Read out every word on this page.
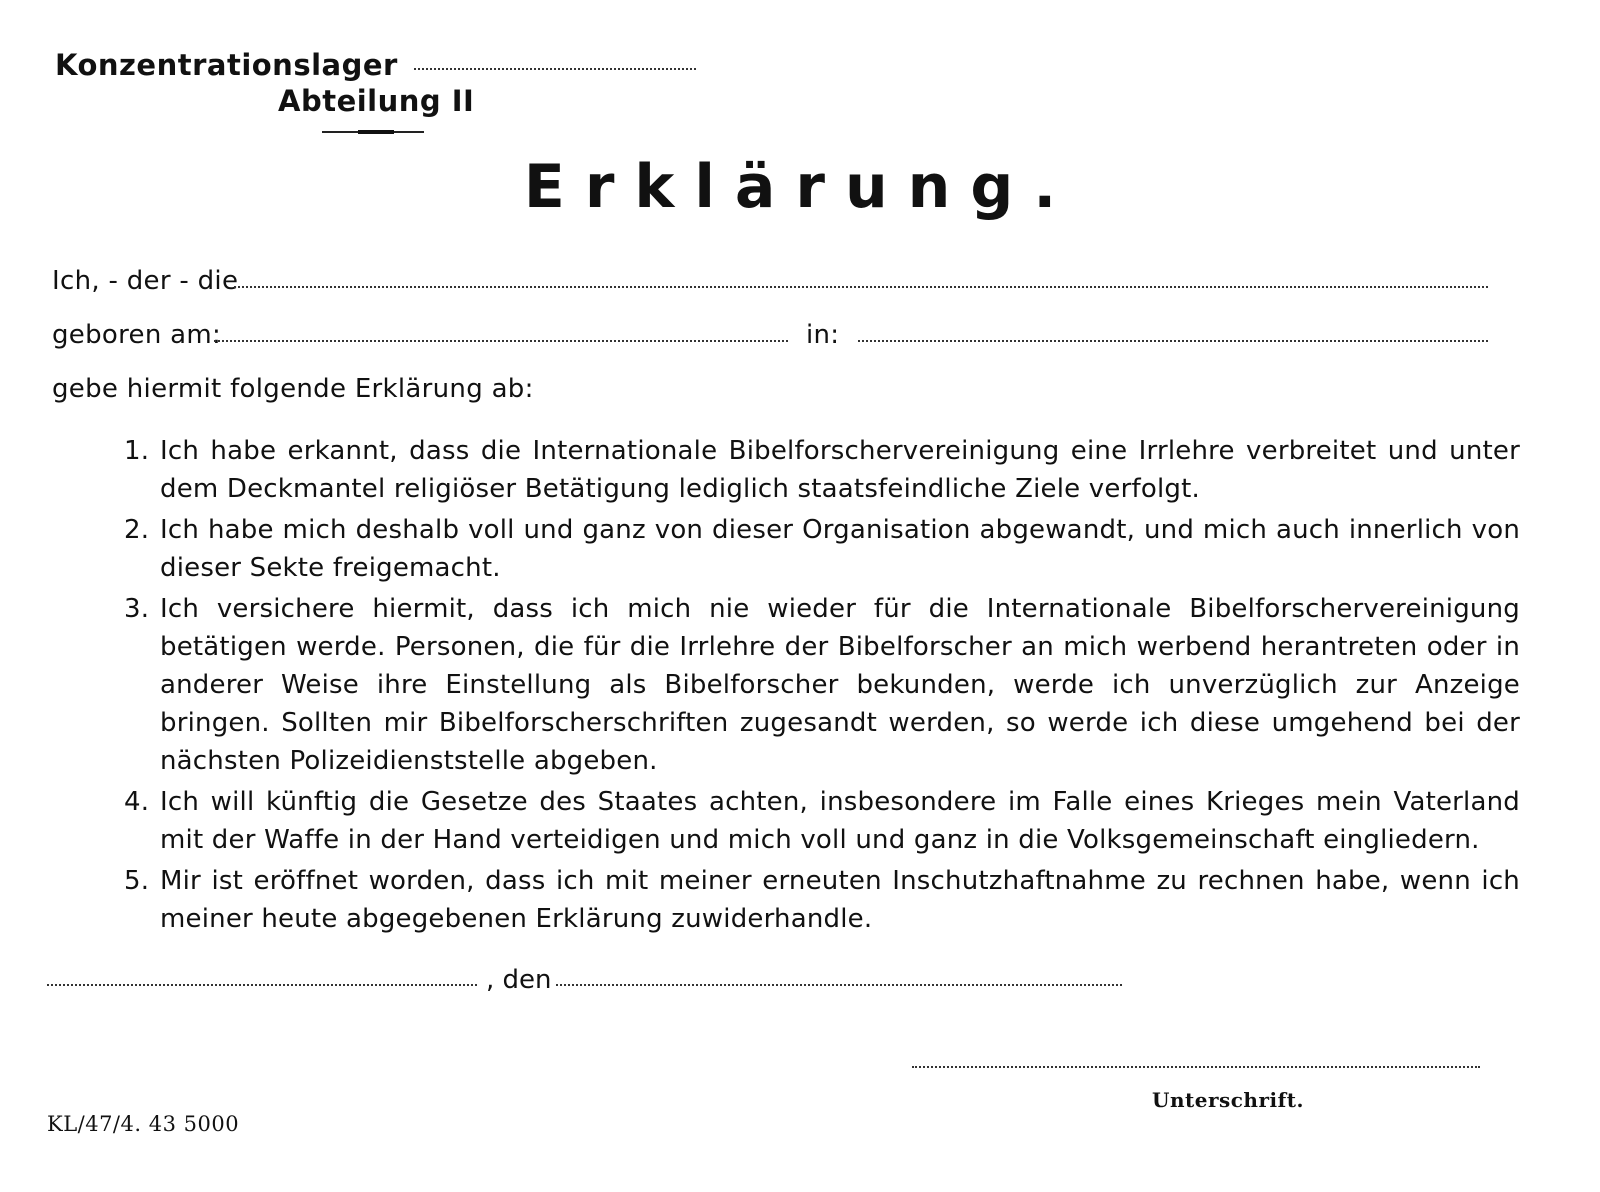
Konzentrationslager
Abteilung II
Erklärung.
Ich, - der - die
geboren am:	in:
gebe hiermit folgende Erklärung ab:
1. Ich habe erkannt, dass die Internationale Bibelforschervereinigung eine Irrlehre verbreitet und unter dem Deckmantel religiöser Betätigung lediglich staatsfeindliche Ziele verfolgt.
2. Ich habe mich deshalb voll und ganz von dieser Organisation abgewandt, und mich auch innerlich von dieser Sekte freigemacht.
3. Ich versichere hiermit, dass ich mich nie wieder für die Internationale Bibelforschervereinigung betätigen werde. Personen, die für die Irrlehre der Bibelforscher an mich werbend herantreten oder in anderer Weise ihre Einstellung als Bibelforscher bekunden, werde ich unverzüglich zur Anzeige bringen. Sollten mir Bibelforscherschriften zugesandt werden, so werde ich diese umgehend bei der nächsten Polizeidienststelle abgeben.
4. Ich will künftig die Gesetze des Staates achten, insbesondere im Falle eines Krieges mein Vaterland mit der Waffe in der Hand verteidigen und mich voll und ganz in die Volksgemeinschaft eingliedern.
5. Mir ist eröffnet worden, dass ich mit meiner erneuten Inschutzhaftnahme zu rechnen habe, wenn ich meiner heute abgegebenen Erklärung zuwiderhandle.
, den
Unterschrift.
KL/47/4. 43 5000
